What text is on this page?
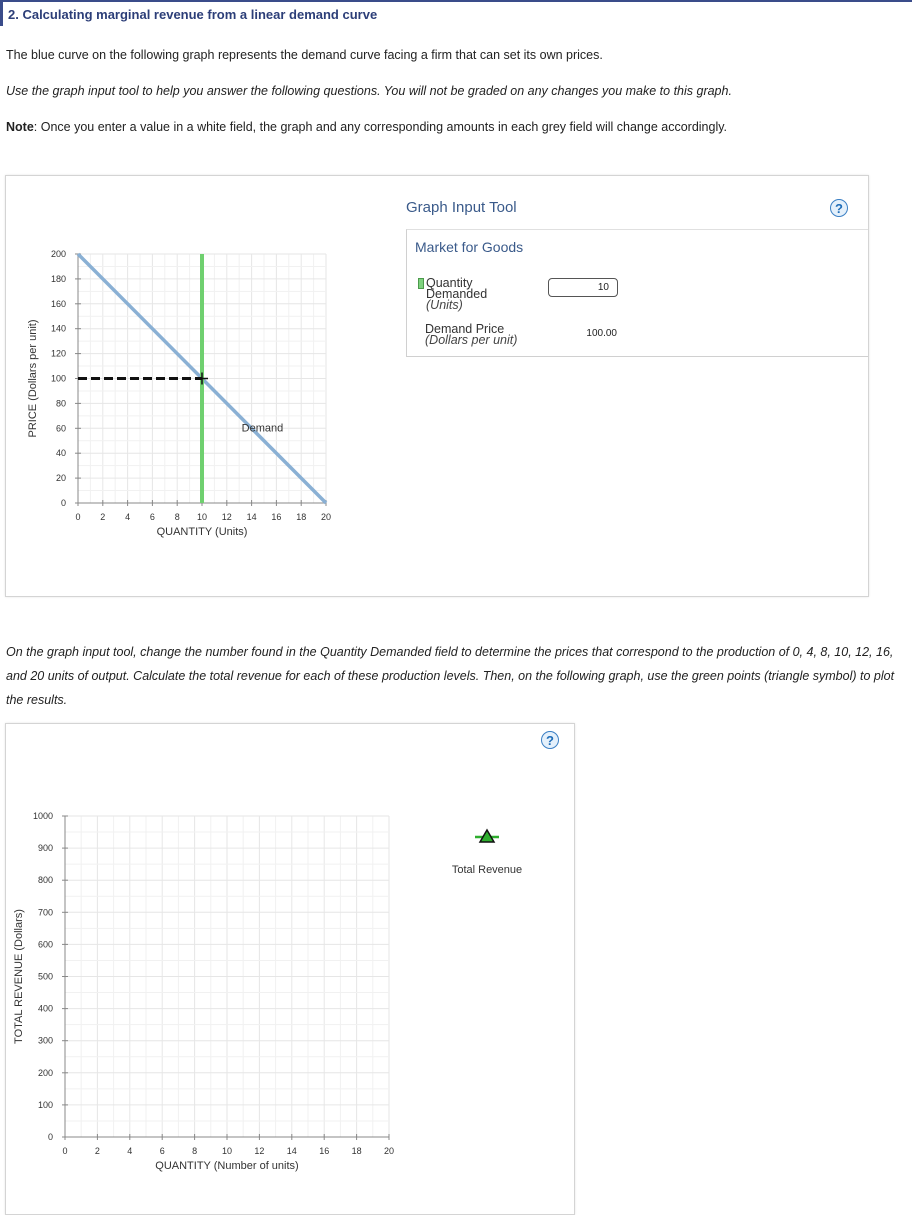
2. Calculating marginal revenue from a linear demand curve
The blue curve on the following graph represents the demand curve facing a firm that can set its own prices.
Use the graph input tool to help you answer the following questions. You will not be graded on any changes you make to this graph.
Note: Once you enter a value in a white field, the graph and any corresponding amounts in each grey field will change accordingly.
0
20
40
60
80
100
120
140
160
180
200
0 2 4 6 8 10 12 14 16 18 20
QUANTITY (Units)
PRICE (Dollars per unit)	Demand
Graph Input Tool	?
Market for Goods
Quantity
Demanded
(Units)
10
Demand Price
(Dollars per unit)	100.00
On the graph input tool, change the number found in the Quantity Demanded field to determine the prices that correspond to the production of 0, 4, 8, 10, 12, 16, and 20 units of output. Calculate the total revenue for each of these production levels. Then, on the following graph, use the green points (triangle symbol) to plot the results.
?
0
100
200
300
400
500
600
700
800
900
1000
0	2	4	6	8	10 12 14 16 18 20
QUANTITY (Number of units)
TOTAL REVENUE (Dollars)
Total Revenue
